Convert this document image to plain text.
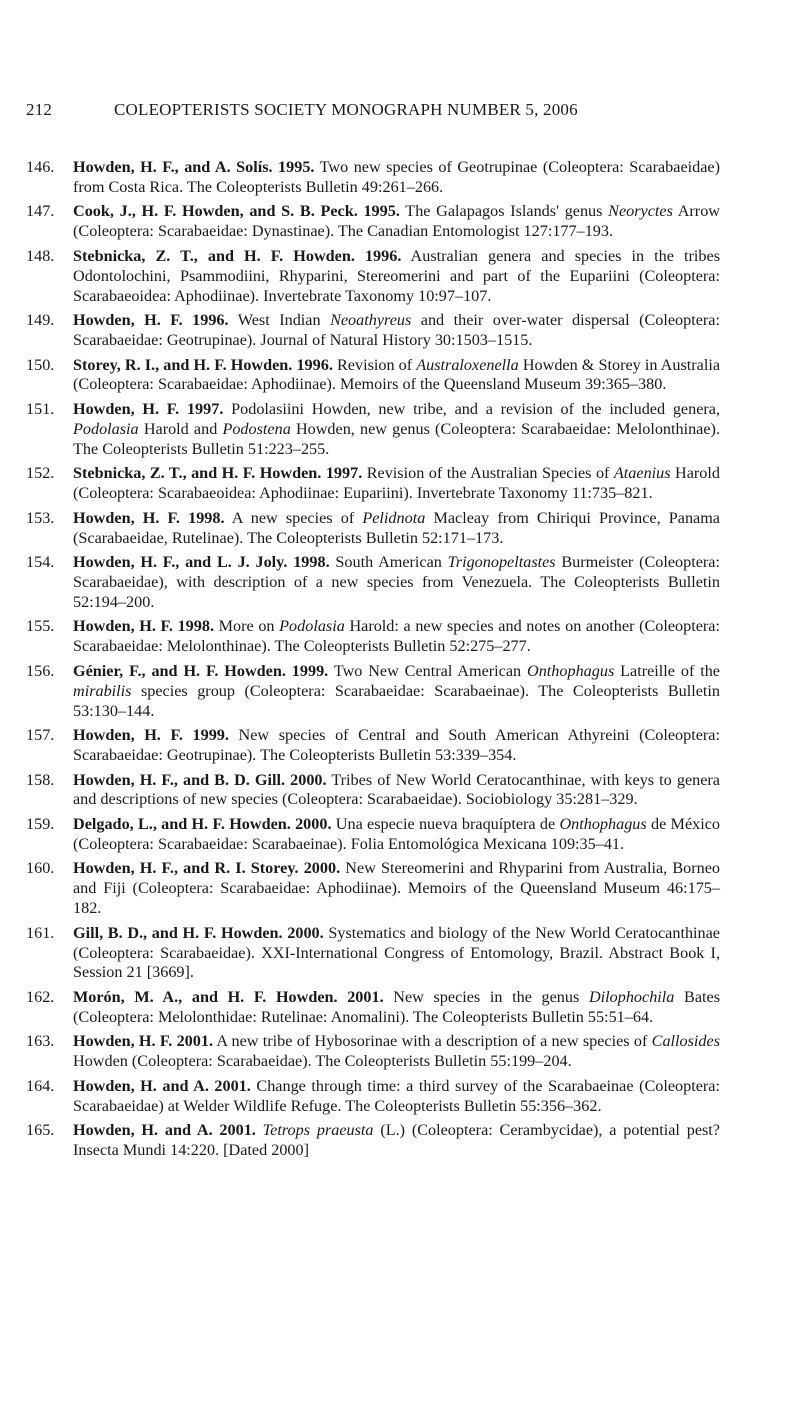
212	COLEOPTERISTS SOCIETY MONOGRAPH NUMBER 5, 2006
146. Howden, H. F., and A. Solís. 1995. Two new species of Geotrupinae (Coleoptera: Scarabaeidae) from Costa Rica. The Coleopterists Bulletin 49:261–266.
147. Cook, J., H. F. Howden, and S. B. Peck. 1995. The Galapagos Islands' genus Neoryctes Arrow (Coleoptera: Scarabaeidae: Dynastinae). The Canadian Entomologist 127:177–193.
148. Stebnicka, Z. T., and H. F. Howden. 1996. Australian genera and species in the tribes Odontolochini, Psammodiini, Rhyparini, Stereomerini and part of the Eupariini (Coleoptera: Scarabaeoidea: Aphodiinae). Invertebrate Taxonomy 10:97–107.
149. Howden, H. F. 1996. West Indian Neoathyreus and their over-water dispersal (Coleoptera: Scarabaeidae: Geotrupinae). Journal of Natural History 30:1503–1515.
150. Storey, R. I., and H. F. Howden. 1996. Revision of Australoxenella Howden & Storey in Australia (Coleoptera: Scarabaeidae: Aphodiinae). Memoirs of the Queensland Museum 39:365–380.
151. Howden, H. F. 1997. Podolasiini Howden, new tribe, and a revision of the included genera, Podolasia Harold and Podostena Howden, new genus (Coleoptera: Scarabaeidae: Melolonthinae). The Coleopterists Bulletin 51:223–255.
152. Stebnicka, Z. T., and H. F. Howden. 1997. Revision of the Australian Species of Ataenius Harold (Coleoptera: Scarabaeoidea: Aphodiinae: Eupariini). Invertebrate Taxonomy 11:735–821.
153. Howden, H. F. 1998. A new species of Pelidnota Macleay from Chiriqui Province, Panama (Scarabaeidae, Rutelinae). The Coleopterists Bulletin 52:171–173.
154. Howden, H. F., and L. J. Joly. 1998. South American Trigonopeltastes Burmeister (Coleoptera: Scarabaeidae), with description of a new species from Venezuela. The Coleopterists Bulletin 52:194–200.
155. Howden, H. F. 1998. More on Podolasia Harold: a new species and notes on another (Coleoptera: Scarabaeidae: Melolonthinae). The Coleopterists Bulletin 52:275–277.
156. Génier, F., and H. F. Howden. 1999. Two New Central American Onthophagus Latreille of the mirabilis species group (Coleoptera: Scarabaeidae: Scarabaeinae). The Coleopterists Bulletin 53:130–144.
157. Howden, H. F. 1999. New species of Central and South American Athyreini (Coleoptera: Scarabaeidae: Geotrupinae). The Coleopterists Bulletin 53:339–354.
158. Howden, H. F., and B. D. Gill. 2000. Tribes of New World Ceratocanthinae, with keys to genera and descriptions of new species (Coleoptera: Scarabaeidae). Sociobiology 35:281–329.
159. Delgado, L., and H. F. Howden. 2000. Una especie nueva braquíptera de Onthophagus de México (Coleoptera: Scarabaeidae: Scarabaeinae). Folia Entomológica Mexicana 109:35–41.
160. Howden, H. F., and R. I. Storey. 2000. New Stereomerini and Rhyparini from Australia, Borneo and Fiji (Coleoptera: Scarabaeidae: Aphodiinae). Memoirs of the Queensland Museum 46:175–182.
161. Gill, B. D., and H. F. Howden. 2000. Systematics and biology of the New World Ceratocanthinae (Coleoptera: Scarabaeidae). XXI-International Congress of Entomology, Brazil. Abstract Book I, Session 21 [3669].
162. Morón, M. A., and H. F. Howden. 2001. New species in the genus Dilophochila Bates (Coleoptera: Melolonthidae: Rutelinae: Anomalini). The Coleopterists Bulletin 55:51–64.
163. Howden, H. F. 2001. A new tribe of Hybosorinae with a description of a new species of Callosides Howden (Coleoptera: Scarabaeidae). The Coleopterists Bulletin 55:199–204.
164. Howden, H. and A. 2001. Change through time: a third survey of the Scarabaeinae (Coleoptera: Scarabaeidae) at Welder Wildlife Refuge. The Coleopterists Bulletin 55:356–362.
165. Howden, H. and A. 2001. Tetrops praeusta (L.) (Coleoptera: Cerambycidae), a potential pest? Insecta Mundi 14:220. [Dated 2000]
